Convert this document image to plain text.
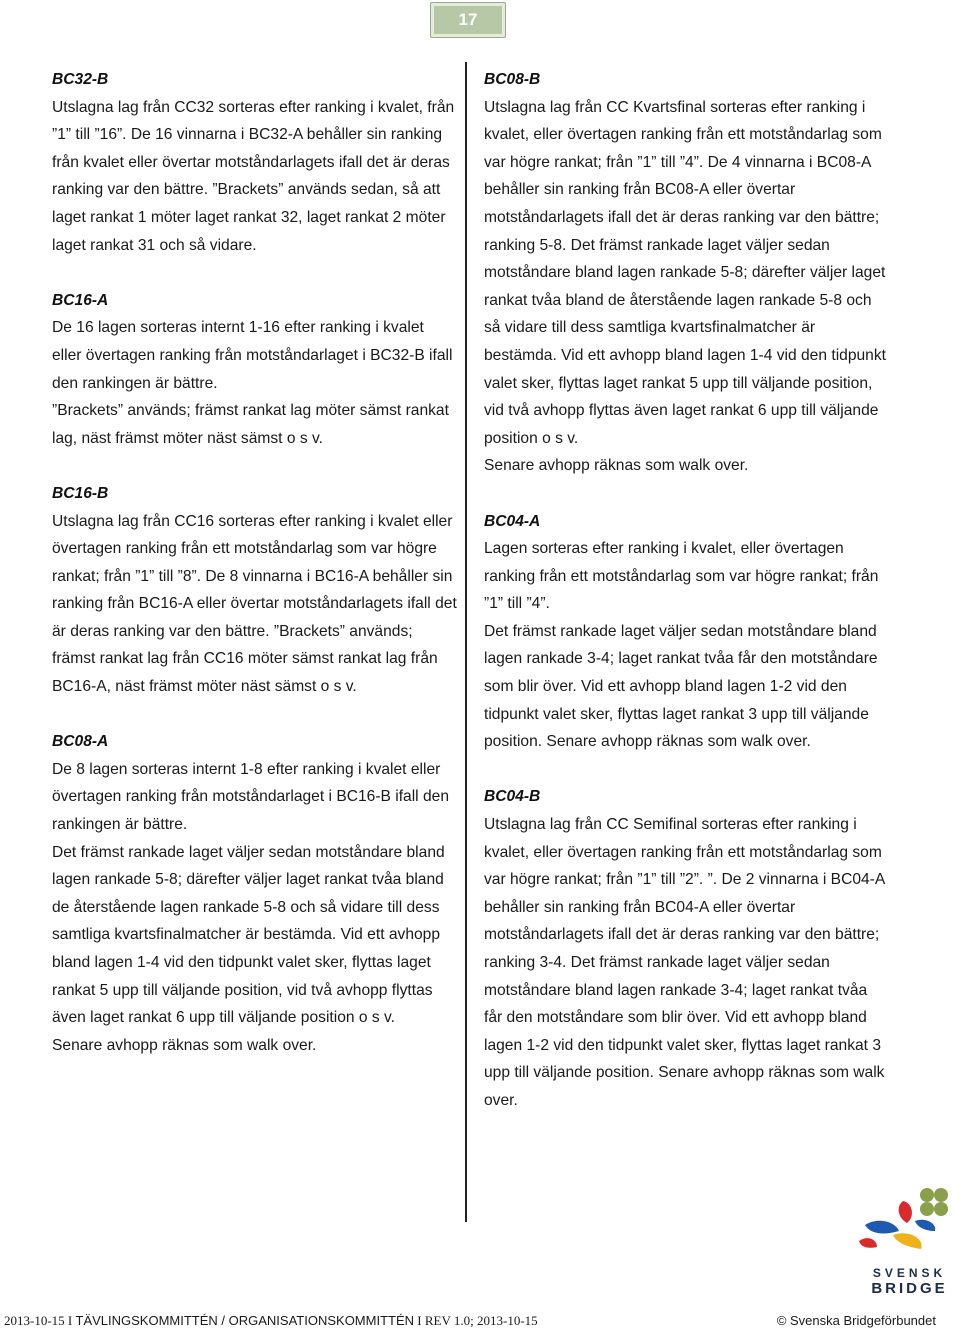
17
BC32-B
Utslagna lag från CC32 sorteras efter ranking i kvalet, från ”1” till ”16”. De 16 vinnarna i BC32-A behåller sin ranking från kvalet eller övertar motståndarlagets ifall det är deras ranking var den bättre. ”Brackets” används sedan, så att laget rankat 1 möter laget rankat 32, laget rankat 2 möter laget rankat 31 och så vidare.
BC16-A
De 16 lagen sorteras internt 1-16 efter ranking i kvalet eller övertagen ranking från motståndarlaget i BC32-B ifall den rankingen är bättre.
”Brackets” används; främst rankat lag möter sämst rankat lag, näst främst möter näst sämst o s v.
BC16-B
Utslagna lag från CC16 sorteras efter ranking i kvalet eller övertagen ranking från ett motståndarlag som var högre rankat; från ”1” till ”8”. De 8 vinnarna i BC16-A behåller sin ranking från BC16-A eller övertar motståndarlagets ifall det är deras ranking var den bättre. ”Brackets” används; främst rankat lag från CC16 möter sämst rankat lag från BC16-A, näst främst möter näst sämst o s v.
BC08-A
De 8 lagen sorteras internt 1-8 efter ranking i kvalet eller övertagen ranking från motståndarlaget i BC16-B ifall den rankingen är bättre.
Det främst rankade laget väljer sedan motståndare bland lagen rankade 5-8; därefter väljer laget rankat tvåa bland de återstående lagen rankade 5-8 och så vidare till dess samtliga kvartsfinalmatcher är bestämda. Vid ett avhopp bland lagen 1-4 vid den tidpunkt valet sker, flyttas laget rankat 5 upp till väljande position, vid två avhopp flyttas även laget rankat 6 upp till väljande position o s v.
Senare avhopp räknas som walk over.
BC08-B
Utslagna lag från CC Kvartsfinal sorteras efter ranking i kvalet, eller övertagen ranking från ett motståndarlag som var högre rankat; från ”1” till ”4”. De 4 vinnarna i BC08-A behåller sin ranking från BC08-A eller övertar motståndarlagets ifall det är deras ranking var den bättre; ranking 5-8. Det främst rankade laget väljer sedan motståndare bland lagen rankade 5-8; därefter väljer laget rankat tvåa bland de återstående lagen rankade 5-8 och så vidare till dess samtliga kvartsfinalmatcher är bestämda. Vid ett avhopp bland lagen 1-4 vid den tidpunkt valet sker, flyttas laget rankat 5 upp till väljande position, vid två avhopp flyttas även laget rankat 6 upp till väljande position o s v.
Senare avhopp räknas som walk over.
BC04-A
Lagen sorteras efter ranking i kvalet, eller övertagen ranking från ett motståndarlag som var högre rankat; från ”1” till ”4”.
Det främst rankade laget väljer sedan motståndare bland lagen rankade 3-4; laget rankat tvåa får den motståndare som blir över. Vid ett avhopp bland lagen 1-2 vid den tidpunkt valet sker, flyttas laget rankat 3 upp till väljande position. Senare avhopp räknas som walk over.
BC04-B
Utslagna lag från CC Semifinal sorteras efter ranking i kvalet, eller övertagen ranking från ett motståndarlag som var högre rankat; från ”1” till ”2”. ”. De 2 vinnarna i BC04-A behåller sin ranking från BC04-A eller övertar motståndarlagets ifall det är deras ranking var den bättre; ranking 3-4. Det främst rankade laget väljer sedan motståndare bland lagen rankade 3-4; laget rankat tvåa får den motståndare som blir över. Vid ett avhopp bland lagen 1-2 vid den tidpunkt valet sker, flyttas laget rankat 3 upp till väljande position. Senare avhopp räknas som walk over.
SVENSK
BRIDGE
2013-10-15 I TÄVLINGSKOMMITTÉN / ORGANISATIONSKOMMITTÉN I REV 1.0; 2013-10-15	© Svenska Bridgeförbundet
